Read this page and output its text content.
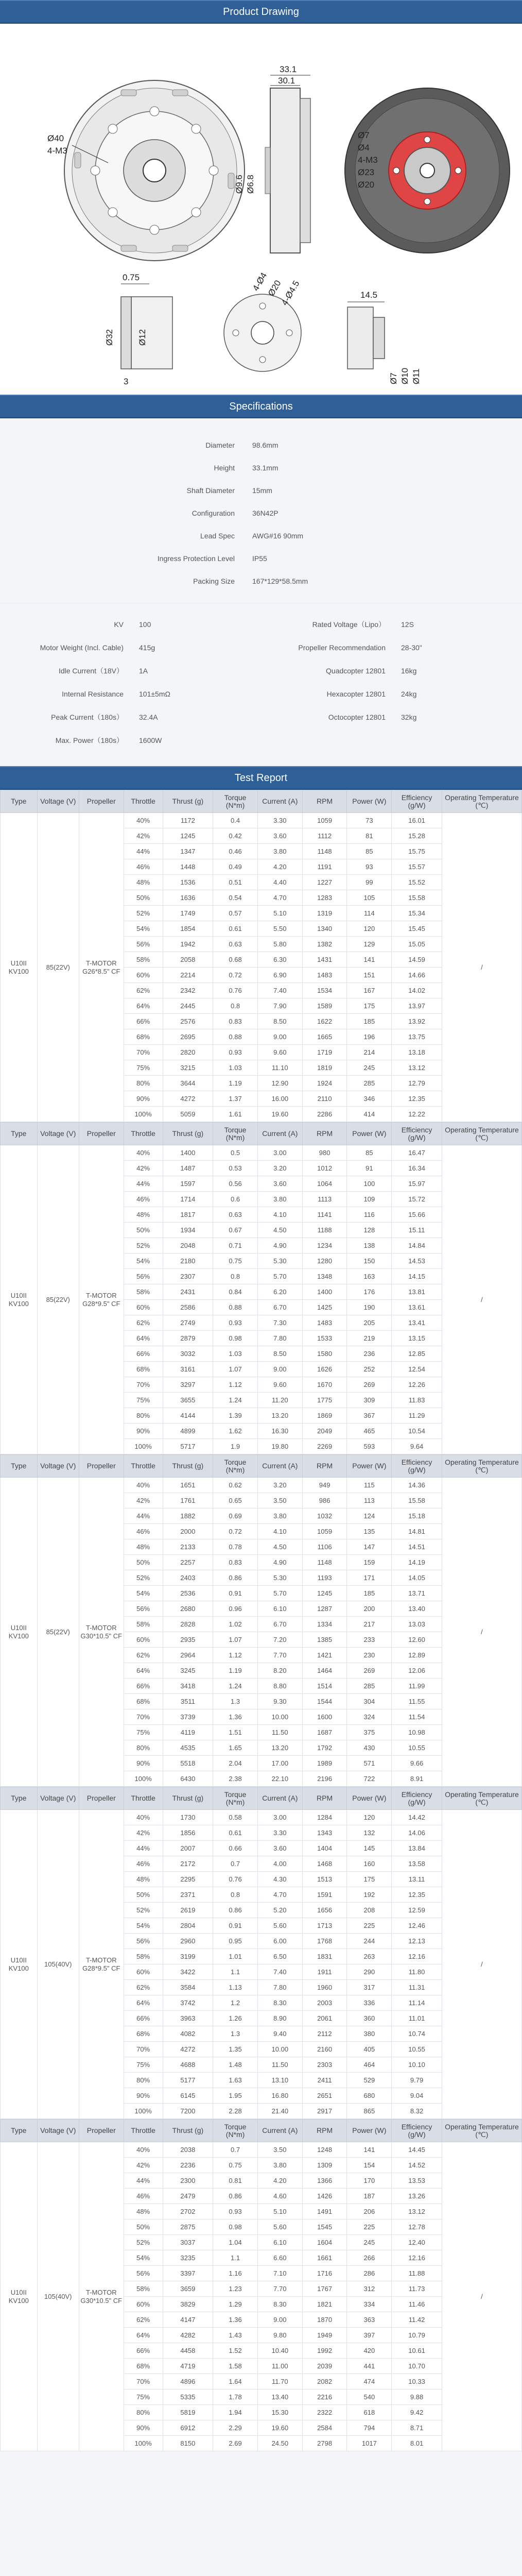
Product Drawing
Ø40
4-M3
33.1
30.1
Ø9.6 Ø6.8
Ø7
Ø4
4-M3
Ø23
Ø20
0.75
Ø32	Ø12
3
4-Ø4
Ø20
4-Ø4.5	14.5
Ø7 Ø10 Ø11
Specifications
Diameter	98.6mm
Height	33.1mm
Shaft Diameter	15mm
Configuration	36N42P
Lead Spec	AWG#16 90mm
Ingress Protection Level	IP55
Packing Size	167*129*58.5mm
KV	100
Motor Weight (Incl. Cable)	415g
Idle Current（18V）	1A
Internal Resistance	101±5mΩ
Peak Current（180s）	32.4A
Max. Power（180s）	1600W
Rated Voltage（Lipo）	12S
Propeller Recommendation	28-30"
Quadcopter 12801	16kg
Hexacopter 12801	24kg
Octocopter 12801	32kg
Test Report
Type	Voltage (V)	Propeller	Throttle	Thrust (g)	Torque (N*m)	Current (A)	RPM	Power (W)	Efficiency (g/W)	Operating Temperature (℃)
U10II KV100	85(22V)	T-MOTOR G26*8.5" CF	40%	1172	0.4	3.30	1059	73	16.01	/
			42%	1245	0.42	3.60	1112	81	15.28	
			44%	1347	0.46	3.80	1148	85	15.75	
			46%	1448	0.49	4.20	1191	93	15.57	
			48%	1536	0.51	4.40	1227	99	15.52	
			50%	1636	0.54	4.70	1283	105	15.58	
			52%	1749	0.57	5.10	1319	114	15.34	
			54%	1854	0.61	5.50	1340	120	15.45	
			56%	1942	0.63	5.80	1382	129	15.05	
			58%	2058	0.68	6.30	1431	141	14.59	
			60%	2214	0.72	6.90	1483	151	14.66	
			62%	2342	0.76	7.40	1534	167	14.02	
			64%	2445	0.8	7.90	1589	175	13.97	
			66%	2576	0.83	8.50	1622	185	13.92	
			68%	2695	0.88	9.00	1665	196	13.75	
			70%	2820	0.93	9.60	1719	214	13.18	
			75%	3215	1.03	11.10	1819	245	13.12	
			80%	3644	1.19	12.90	1924	285	12.79	
			90%	4272	1.37	16.00	2110	346	12.35	
			100%	5059	1.61	19.60	2286	414	12.22	
Type	Voltage (V)	Propeller	Throttle	Thrust (g)	Torque (N*m)	Current (A)	RPM	Power (W)	Efficiency (g/W)	Operating Temperature (℃)
U10II KV100	85(22V)	T-MOTOR G28*9.5" CF	40%	1400	0.5	3.00	980	85	16.47	/
			42%	1487	0.53	3.20	1012	91	16.34	
			44%	1597	0.56	3.60	1064	100	15.97	
			46%	1714	0.6	3.80	1113	109	15.72	
			48%	1817	0.63	4.10	1141	116	15.66	
			50%	1934	0.67	4.50	1188	128	15.11	
			52%	2048	0.71	4.90	1234	138	14.84	
			54%	2180	0.75	5.30	1280	150	14.53	
			56%	2307	0.8	5.70	1348	163	14.15	
			58%	2431	0.84	6.20	1400	176	13.81	
			60%	2586	0.88	6.70	1425	190	13.61	
			62%	2749	0.93	7.30	1483	205	13.41	
			64%	2879	0.98	7.80	1533	219	13.15	
			66%	3032	1.03	8.50	1580	236	12.85	
			68%	3161	1.07	9.00	1626	252	12.54	
			70%	3297	1.12	9.60	1670	269	12.26	
			75%	3655	1.24	11.20	1775	309	11.83	
			80%	4144	1.39	13.20	1869	367	11.29	
			90%	4899	1.62	16.30	2049	465	10.54	
			100%	5717	1.9	19.80	2269	593	9.64	
Type	Voltage (V)	Propeller	Throttle	Thrust (g)	Torque (N*m)	Current (A)	RPM	Power (W)	Efficiency (g/W)	Operating Temperature (℃)
U10II KV100	85(22V)	T-MOTOR G30*10.5" CF	40%	1651	0.62	3.20	949	115	14.36	/
			42%	1761	0.65	3.50	986	113	15.58	
			44%	1882	0.69	3.80	1032	124	15.18	
			46%	2000	0.72	4.10	1059	135	14.81	
			48%	2133	0.78	4.50	1106	147	14.51	
			50%	2257	0.83	4.90	1148	159	14.19	
			52%	2403	0.86	5.30	1193	171	14.05	
			54%	2536	0.91	5.70	1245	185	13.71	
			56%	2680	0.96	6.10	1287	200	13.40	
			58%	2828	1.02	6.70	1334	217	13.03	
			60%	2935	1.07	7.20	1385	233	12.60	
			62%	2964	1.12	7.70	1421	230	12.89	
			64%	3245	1.19	8.20	1464	269	12.06	
			66%	3418	1.24	8.80	1514	285	11.99	
			68%	3511	1.3	9.30	1544	304	11.55	
			70%	3739	1.36	10.00	1600	324	11.54	
			75%	4119	1.51	11.50	1687	375	10.98	
			80%	4535	1.65	13.20	1792	430	10.55	
			90%	5518	2.04	17.00	1989	571	9.66	
			100%	6430	2.38	22.10	2196	722	8.91	
Type	Voltage (V)	Propeller	Throttle	Thrust (g)	Torque (N*m)	Current (A)	RPM	Power (W)	Efficiency (g/W)	Operating Temperature (℃)
U10II KV100	105(40V)	T-MOTOR G28*9.5" CF	40%	1730	0.58	3.00	1284	120	14.42	/
			42%	1856	0.61	3.30	1343	132	14.06	
			44%	2007	0.66	3.60	1404	145	13.84	
			46%	2172	0.7	4.00	1468	160	13.58	
			48%	2295	0.76	4.30	1513	175	13.11	
			50%	2371	0.8	4.70	1591	192	12.35	
			52%	2619	0.86	5.20	1656	208	12.59	
			54%	2804	0.91	5.60	1713	225	12.46	
			56%	2960	0.95	6.00	1768	244	12.13	
			58%	3199	1.01	6.50	1831	263	12.16	
			60%	3422	1.1	7.40	1911	290	11.80	
			62%	3584	1.13	7.80	1960	317	11.31	
			64%	3742	1.2	8.30	2003	336	11.14	
			66%	3963	1.26	8.90	2061	360	11.01	
			68%	4082	1.3	9.40	2112	380	10.74	
			70%	4272	1.35	10.00	2160	405	10.55	
			75%	4688	1.48	11.50	2303	464	10.10	
			80%	5177	1.63	13.10	2411	529	9.79	
			90%	6145	1.95	16.80	2651	680	9.04	
			100%	7200	2.28	21.40	2917	865	8.32	
Type	Voltage (V)	Propeller	Throttle	Thrust (g)	Torque (N*m)	Current (A)	RPM	Power (W)	Efficiency (g/W)	Operating Temperature (℃)
U10II KV100	105(40V)	T-MOTOR G30*10.5" CF	40%	2038	0.7	3.50	1248	141	14.45	/
			42%	2236	0.75	3.80	1309	154	14.52	
			44%	2300	0.81	4.20	1366	170	13.53	
			46%	2479	0.86	4.60	1426	187	13.26	
			48%	2702	0.93	5.10	1491	206	13.12	
			50%	2875	0.98	5.60	1545	225	12.78	
			52%	3037	1.04	6.10	1604	245	12.40	
			54%	3235	1.1	6.60	1661	266	12.16	
			56%	3397	1.16	7.10	1716	286	11.88	
			58%	3659	1.23	7.70	1767	312	11.73	
			60%	3829	1.29	8.30	1821	334	11.46	
			62%	4147	1.36	9.00	1870	363	11.42	
			64%	4282	1.43	9.80	1949	397	10.79	
			66%	4458	1.52	10.40	1992	420	10.61	
			68%	4719	1.58	11.00	2039	441	10.70	
			70%	4896	1.64	11.70	2082	474	10.33	
			75%	5335	1.78	13.40	2216	540	9.88	
			80%	5819	1.94	15.30	2322	618	9.42	
			90%	6912	2.29	19.60	2584	794	8.71	
			100%	8150	2.69	24.50	2798	1017	8.01	
